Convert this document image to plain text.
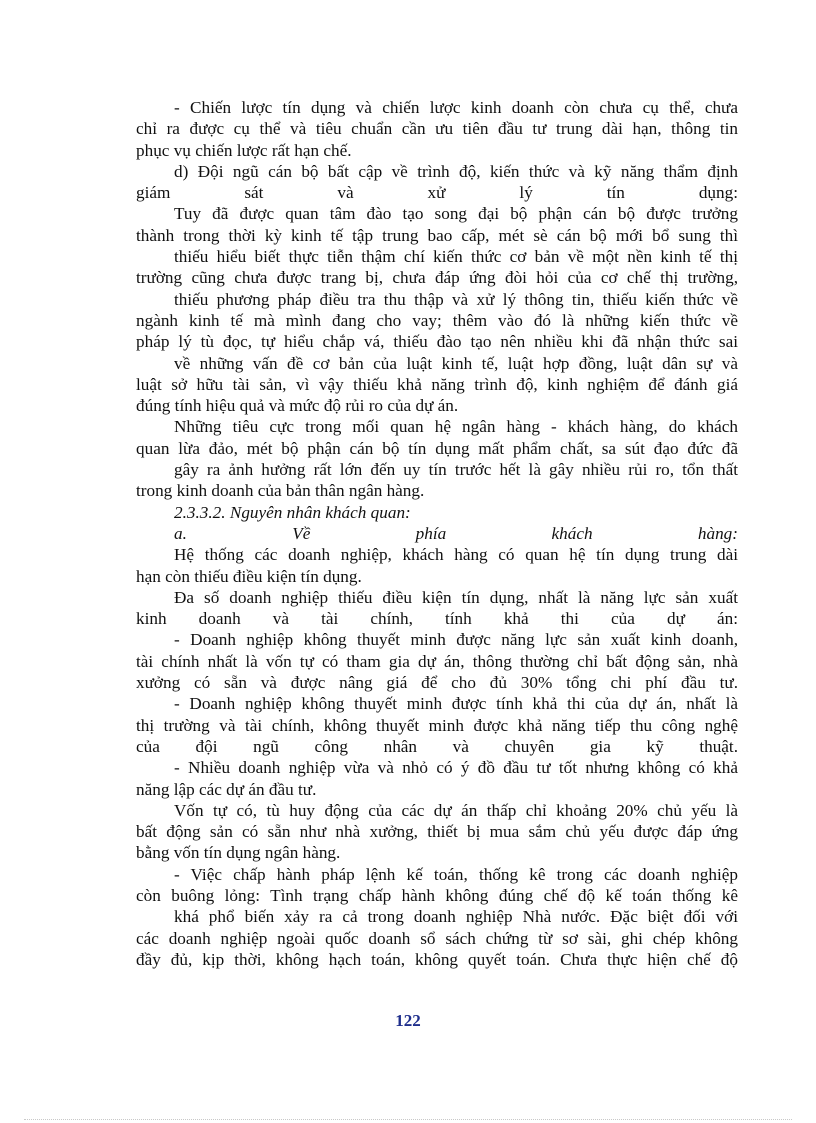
- Chiến lược tín dụng và chiến lược kinh doanh còn chưa cụ thể, chưa
chỉ ra được cụ thể và tiêu chuẩn cần ưu tiên đầu tư trung dài hạn, thông tin
phục vụ chiến lược rất hạn chế.
d) Đội ngũ cán bộ bất cập về trình độ, kiến thức và kỹ năng thẩm định
giám sát và xử lý tín dụng:
Tuy đã được quan tâm đào tạo song đại bộ phận cán bộ được trưởng
thành trong thời kỳ kinh tế tập trung bao cấp, mét sè cán bộ mới bổ sung thì
thiếu hiểu biết thực tiễn thậm chí kiến thức cơ bản về một nền kinh tế thị
trường cũng chưa được trang bị, chưa đáp ứng đòi hỏi của cơ chế thị trường,
thiếu phương pháp điều tra thu thập và xử lý thông tin, thiếu kiến thức về
ngành kinh tế mà mình đang cho vay; thêm vào đó là những kiến thức về
pháp lý tù đọc, tự hiểu chắp vá, thiếu đào tạo nên nhiều khi đã nhận thức sai
về những vấn đề cơ bản của luật kinh tế, luật hợp đồng, luật dân sự và
luật sở hữu tài sản, vì vậy thiếu khả năng trình độ, kinh nghiệm để đánh giá
đúng tính hiệu quả và mức độ rủi ro của dự án.
Những tiêu cực trong mối quan hệ ngân hàng - khách hàng, do khách
quan lừa đảo, mét bộ phận cán bộ tín dụng mất phẩm chất, sa sút đạo đức đã
gây ra ảnh hưởng rất lớn đến uy tín trước hết là gây nhiều rủi ro, tổn thất
trong kinh doanh của bản thân ngân hàng.
2.3.3.2. Nguyên nhân khách quan:
a. Về phía khách hàng:
Hệ thống các doanh nghiệp, khách hàng có quan hệ tín dụng trung dài
hạn còn thiếu điều kiện tín dụng.
Đa số doanh nghiệp thiếu điều kiện tín dụng, nhất là năng lực sản xuất
kinh doanh và tài chính, tính khả thi của dự án:
- Doanh nghiệp không thuyết minh được năng lực sản xuất kinh doanh,
tài chính nhất là vốn tự có tham gia dự án, thông thường chỉ bất động sản, nhà
xưởng có sẵn và được nâng giá để cho đủ 30% tổng chi phí đầu tư.
- Doanh nghiệp không thuyết minh được tính khả thi của dự án, nhất là
thị trường và tài chính, không thuyết minh được khả năng tiếp thu công nghệ
của đội ngũ công nhân và chuyên gia kỹ thuật.
- Nhiều doanh nghiệp vừa và nhỏ có ý đồ đầu tư tốt nhưng không có khả
năng lập các dự án đầu tư.
Vốn tự có, tù huy động của các dự án thấp chỉ khoảng 20% chủ yếu là
bất động sản có sẵn như nhà xưởng, thiết bị mua sắm chủ yếu được đáp ứng
bằng vốn tín dụng ngân hàng.
- Việc chấp hành pháp lệnh kế toán, thống kê trong các doanh nghiệp
còn buông lỏng: Tình trạng chấp hành không đúng chế độ kế toán thống kê
khá phổ biến xảy ra cả trong doanh nghiệp Nhà nước. Đặc biệt đối với
các doanh nghiệp ngoài quốc doanh sổ sách chứng từ sơ sài, ghi chép không
đầy đủ, kịp thời, không hạch toán, không quyết toán. Chưa thực hiện chế độ
122
